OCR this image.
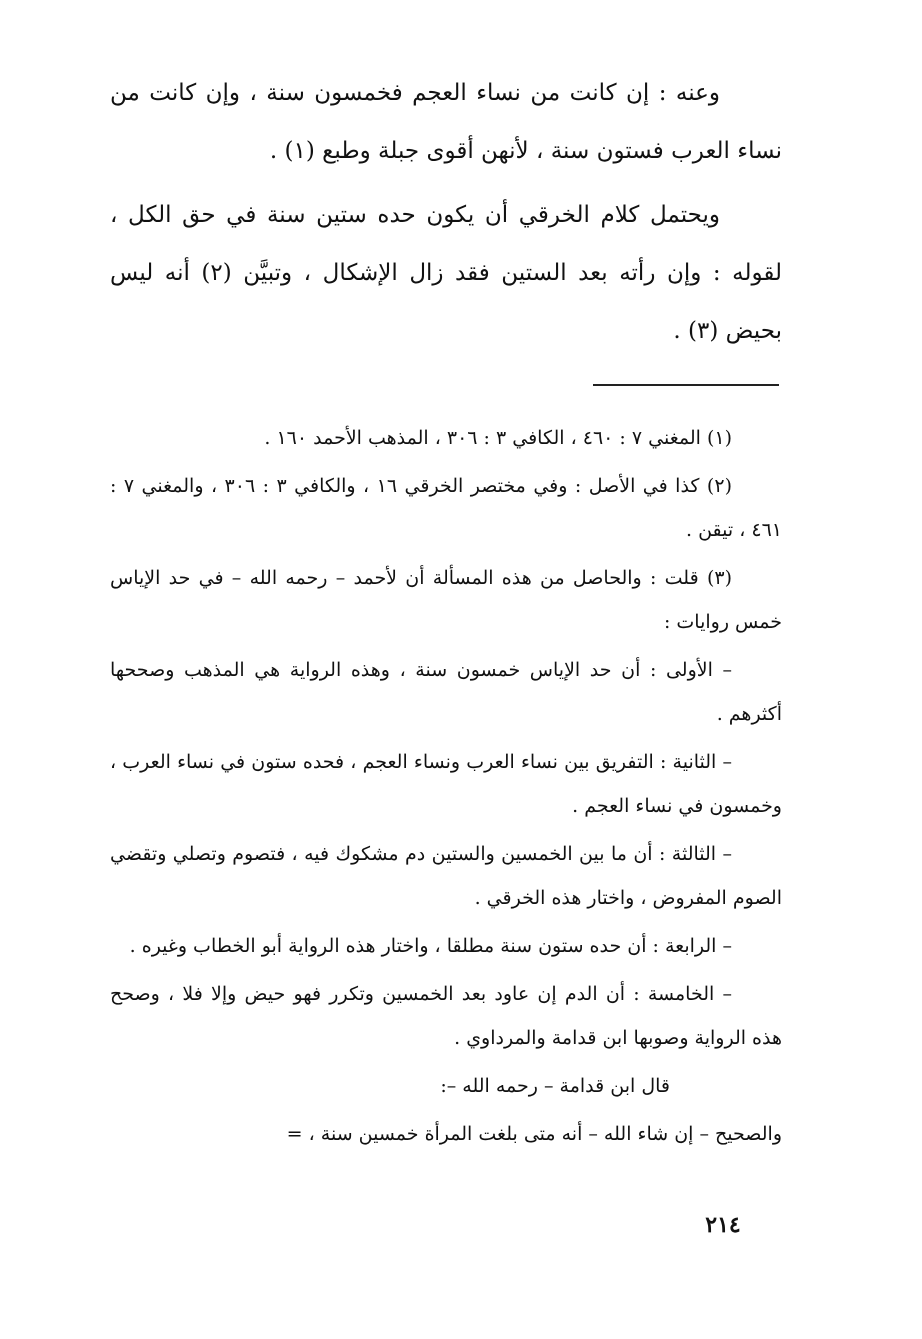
وعنه : إن كانت من نساء العجم فخمسون سنة ، وإن كانت من نساء العرب فستون سنة ، لأنهن أقوى جبلة وطبع (١) .

ويحتمل كلام الخرقي أن يكون حده ستين سنة في حق الكل ، لقوله : وإن رأته بعد الستين فقد زال الإشكال ، وتبيَّن (٢) أنه ليس بحيض (٣) .

(١) المغني ٧ : ٤٦٠ ، الكافي ٣ : ٣٠٦ ، المذهب الأحمد ١٦٠ .
(٢) كذا في الأصل : وفي مختصر الخرقي ١٦ ، والكافي ٣ : ٣٠٦ ، والمغني ٧ : ٤٦١ ، تيقن .
(٣) قلت : والحاصل من هذه المسألة أن لأحمد – رحمه الله – في حد الإياس خمس روايات :
– الأولى : أن حد الإياس خمسون سنة ، وهذه الرواية هي المذهب وصححها أكثرهم .
– الثانية : التفريق بين نساء العرب ونساء العجم ، فحده ستون في نساء العرب ، وخمسون في نساء العجم .
– الثالثة : أن ما بين الخمسين والستين دم مشكوك فيه ، فتصوم وتصلي وتقضي الصوم المفروض ، واختار هذه الخرقي .
– الرابعة : أن حده ستون سنة مطلقا ، واختار هذه الرواية أبو الخطاب وغيره .
– الخامسة : أن الدم إن عاود بعد الخمسين وتكرر فهو حيض وإلا فلا ، وصحح هذه الرواية وصوبها ابن قدامة والمرداوي .
قال ابن قدامة – رحمه الله –:
والصحيح – إن شاء الله – أنه متى بلغت المرأة خمسين سنة ، =
٢١٤
